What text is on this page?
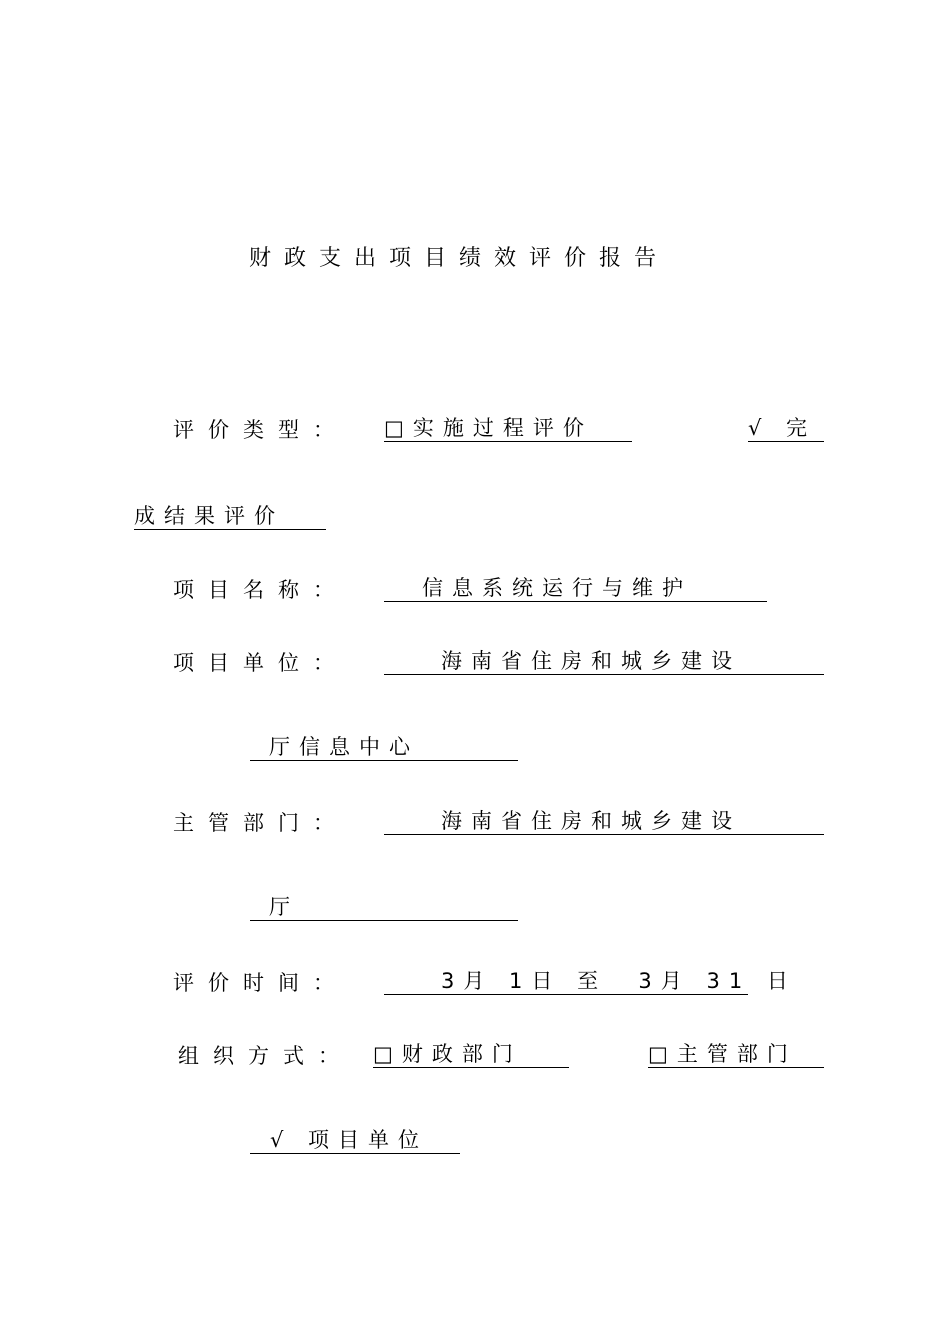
财政支出项目绩效评价报告
评价类型： □实施过程评价	√ 完
成结果评价
项目名称：	信息系统运行与维护
项目单位：	海南省住房和城乡建设
厅信息中心
主管部门：	海南省住房和城乡建设
厅
评价时间：	3月 1日 至  3月 31 日
组织方式： □财政部门	□主管部门
√ 项目单位
